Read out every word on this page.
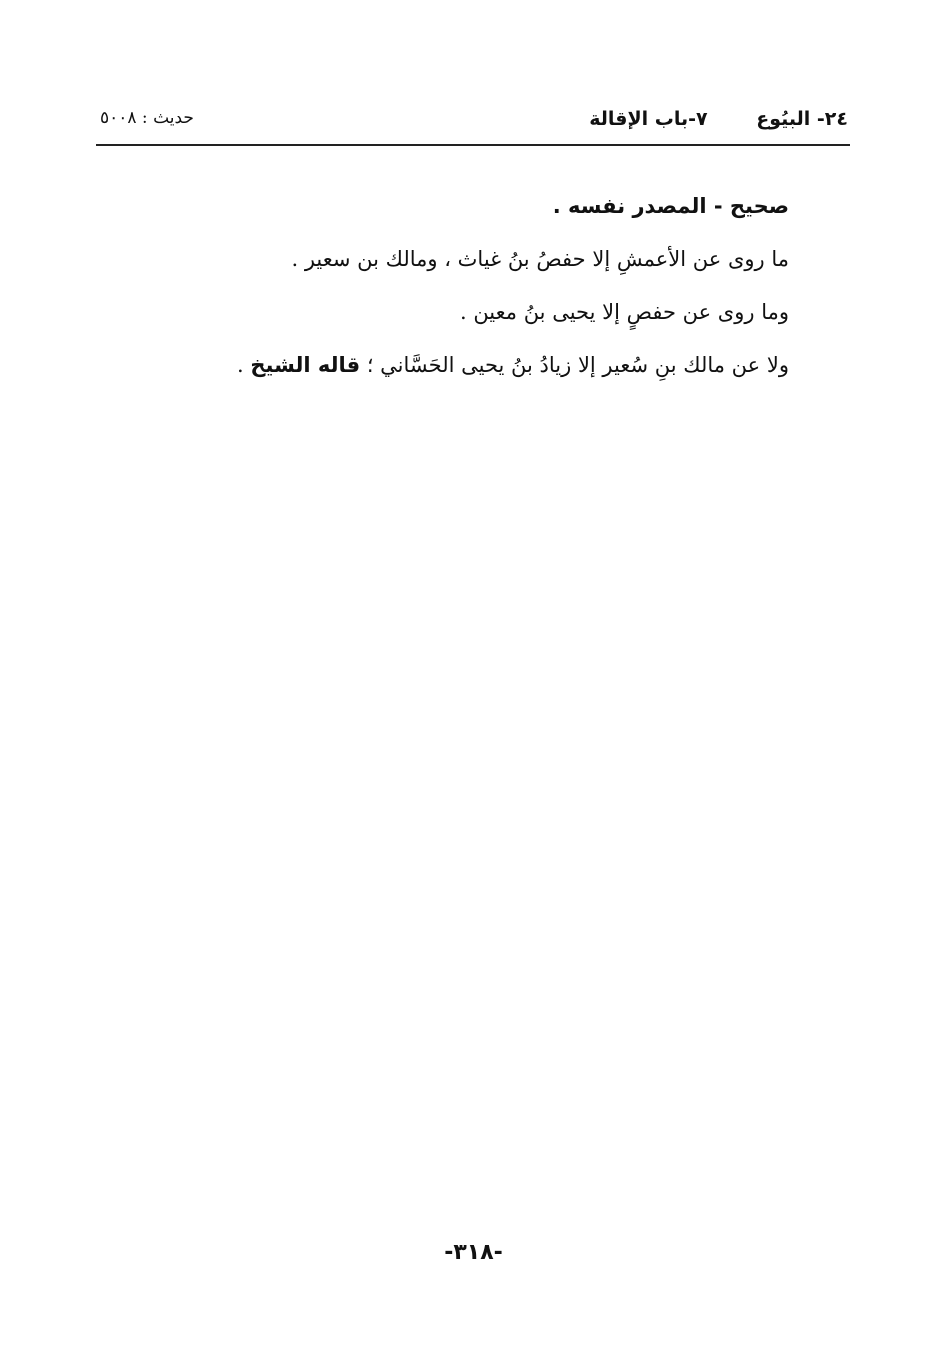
٢٤- البيُوع ٧-باب الإقالة
حديث : ٥٠٠٨
صحيح - المصدر نفسه .
ما روى عن الأعمشِ إلا حفصُ بنُ غياث ، ومالك بن سعير .
وما روى عن حفصٍ إلا يحيى بنُ معين .
ولا عن مالك بنِ سُعير إلا زيادُ بنُ يحيى الحَسَّاني ؛ قاله الشيخ .
-٣١٨-
